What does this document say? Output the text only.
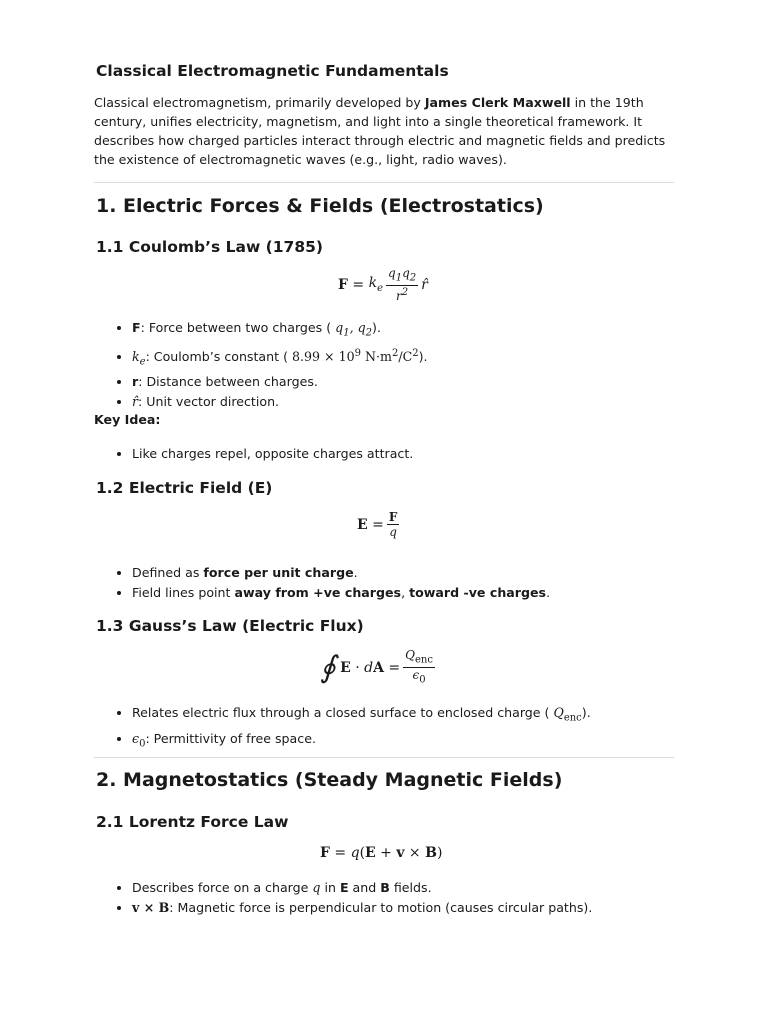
Classical Electromagnetic Fundamentals
Classical electromagnetism, primarily developed by James Clerk Maxwell in the 19th century, unifies electricity, magnetism, and light into a single theoretical framework. It describes how charged particles interact through electric and magnetic fields and predicts the existence of electromagnetic waves (e.g., light, radio waves).
1. Electric Forces & Fields (Electrostatics)
1.1 Coulomb’s Law (1785)
$F = k_e \frac{q_1q_2}{r^2}$ r̂
• F: Force between two charges ( $q_1$, $q_2$).
• $k_e$: Coulomb’s constant ( $8.99 \times 10^9$ $N\cdot m^2/C^2$).
• r: Distance between charges.
• r̂: Unit vector direction.
Key Idea:
• Like charges repel, opposite charges attract.
1.2 Electric Field (E)
$E = \frac{F}{q}$
• Defined as force per unit charge.
• Field lines point away from +ve charges, toward -ve charges.
1.3 Gauss’s Law (Electric Flux)
∮
E · d $A = \frac{Q_{enc}}{\epsilon_0}$
• Relates electric flux through a closed surface to enclosed charge ( $Q_{enc}$).
• $\epsilon_0$: Permittivity of free space.
2. Magnetostatics (Steady Magnetic Fields)
2.1 Lorentz Force Law
F = q ( E + v × B )
• Describes force on a charge q in E and B fields.
• v × B: Magnetic force is perpendicular to motion (causes circular paths).
